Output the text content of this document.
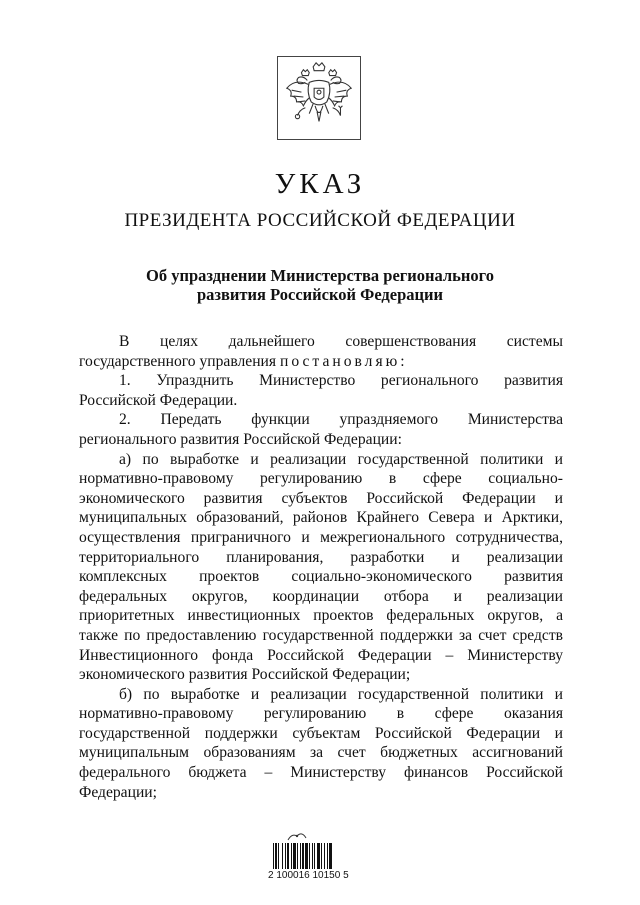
УКАЗ
ПРЕЗИДЕНТА РОССИЙСКОЙ ФЕДЕРАЦИИ
Об упразднении Министерства регионального
развития Российской Федерации
В целях дальнейшего совершенствования системы
государственного управления постановляю:
1. Упразднить Министерство регионального развития
Российской Федерации.
2. Передать функции упраздняемого Министерства
регионального развития Российской Федерации:
а) по выработке и реализации государственной политики и
нормативно-правовому регулированию в сфере социально-
экономического развития субъектов Российской Федерации и
муниципальных образований, районов Крайнего Севера и Арктики,
осуществления приграничного и межрегионального сотрудничества,
территориального планирования, разработки и реализации
комплексных проектов социально-экономического развития
федеральных округов, координации отбора и реализации
приоритетных инвестиционных проектов федеральных округов, а
также по предоставлению государственной поддержки за счет средств
Инвестиционного фонда Российской Федерации – Министерству
экономического развития Российской Федерации;
б) по выработке и реализации государственной политики и
нормативно-правовому регулированию в сфере оказания
государственной поддержки субъектам Российской Федерации и
муниципальным образованиям за счет бюджетных ассигнований
федерального бюджета – Министерству финансов Российской
Федерации;
2 100016 10150 5
